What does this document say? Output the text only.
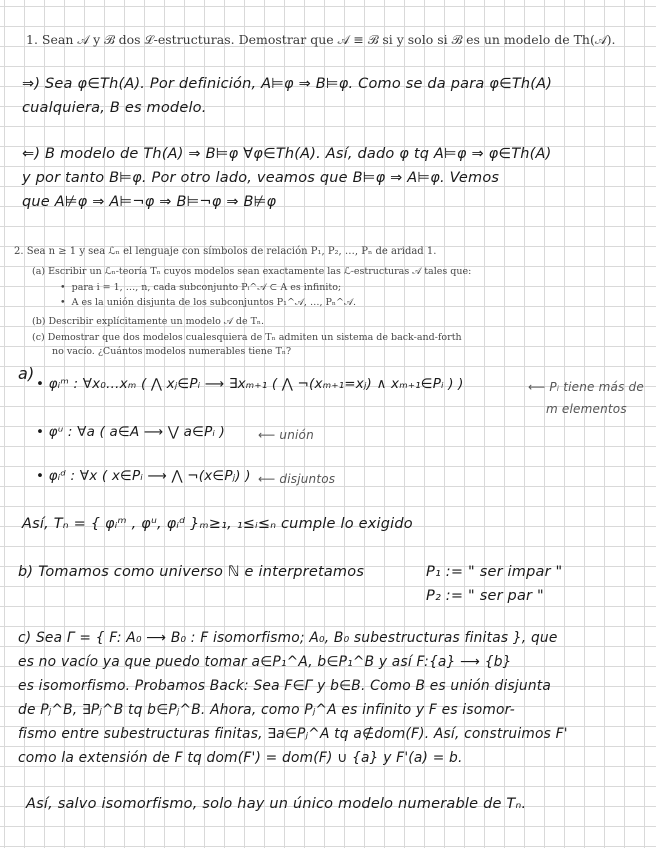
1. Sean 𝒜 y ℬ dos ℒ-estructuras. Demostrar que 𝒜 ≡ ℬ si y solo si ℬ es un modelo de Th(𝒜).
⇒) Sea φ∈Th(A). Por definición, A⊨φ ⇒ B⊨φ. Como se da para φ∈Th(A)
cualquiera, B es modelo.
⇐) B modelo de Th(A) ⇒ B⊨φ ∀φ∈Th(A). Así, dado φ tq A⊨φ ⇒ φ∈Th(A)
y por tanto B⊨φ. Por otro lado, veamos que B⊨φ ⇒ A⊨φ. Vemos
que A⊭φ ⇒ A⊨¬φ ⇒ B⊨¬φ ⇒ B⊭φ
2. Sea n ≥ 1 y sea ℒₙ el lenguaje con símbolos de relación P₁, P₂, …, Pₙ de aridad 1.
(a) Escribir un ℒₙ-teoría Tₙ cuyos modelos sean exactamente las ℒ-estructuras 𝒜 tales que:
• para i = 1, …, n, cada subconjunto Pᵢ^𝒜 ⊂ A es infinito;
• A es la unión disjunta de los subconjuntos P₁^𝒜, …, Pₙ^𝒜.
(b) Describir explícitamente un modelo 𝒜 de Tₙ.
(c) Demostrar que dos modelos cualesquiera de Tₙ admiten un sistema de back-and-forth
no vacío. ¿Cuántos modelos numerables tiene Tₙ?
a)
• φᵢᵐ : ∀x₀…xₘ ( ⋀ xⱼ∈Pᵢ ⟶ ∃xₘ₊₁ ( ⋀ ¬(xₘ₊₁=xⱼ) ∧ xₘ₊₁∈Pᵢ ) )	⟵ Pᵢ tiene más de
m elementos
• φᵘ : ∀a ( a∈A ⟶ ⋁ a∈Pᵢ )	⟵ unión
• φᵢᵈ : ∀x ( x∈Pᵢ ⟶ ⋀ ¬(x∈Pⱼ) ) ⟵ disjuntos
Así, Tₙ = { φᵢᵐ , φᵘ, φᵢᵈ }ₘ≥₁, ₁≤ᵢ≤ₙ cumple lo exigido
b) Tomamos como universo ℕ e interpretamos	P₁ := " ser impar "
P₂ := " ser par "
c) Sea Γ = { F: A₀ ⟶ B₀ : F isomorfismo; A₀, B₀ subestructuras finitas }, que
es no vacío ya que puedo tomar a∈P₁^A, b∈P₁^B y así F:{a} ⟶ {b}
es isomorfismo. Probamos Back: Sea F∈Γ y b∈B. Como B es unión disjunta
de Pⱼ^B, ∃Pⱼ^B tq b∈Pⱼ^B. Ahora, como Pⱼ^A es infinito y F es isomor-
fismo entre subestructuras finitas, ∃a∈Pⱼ^A tq a∉dom(F). Así, construimos F'
como la extensión de F tq dom(F') = dom(F) ∪ {a} y F'(a) = b.
Así, salvo isomorfismo, solo hay un único modelo numerable de Tₙ.
